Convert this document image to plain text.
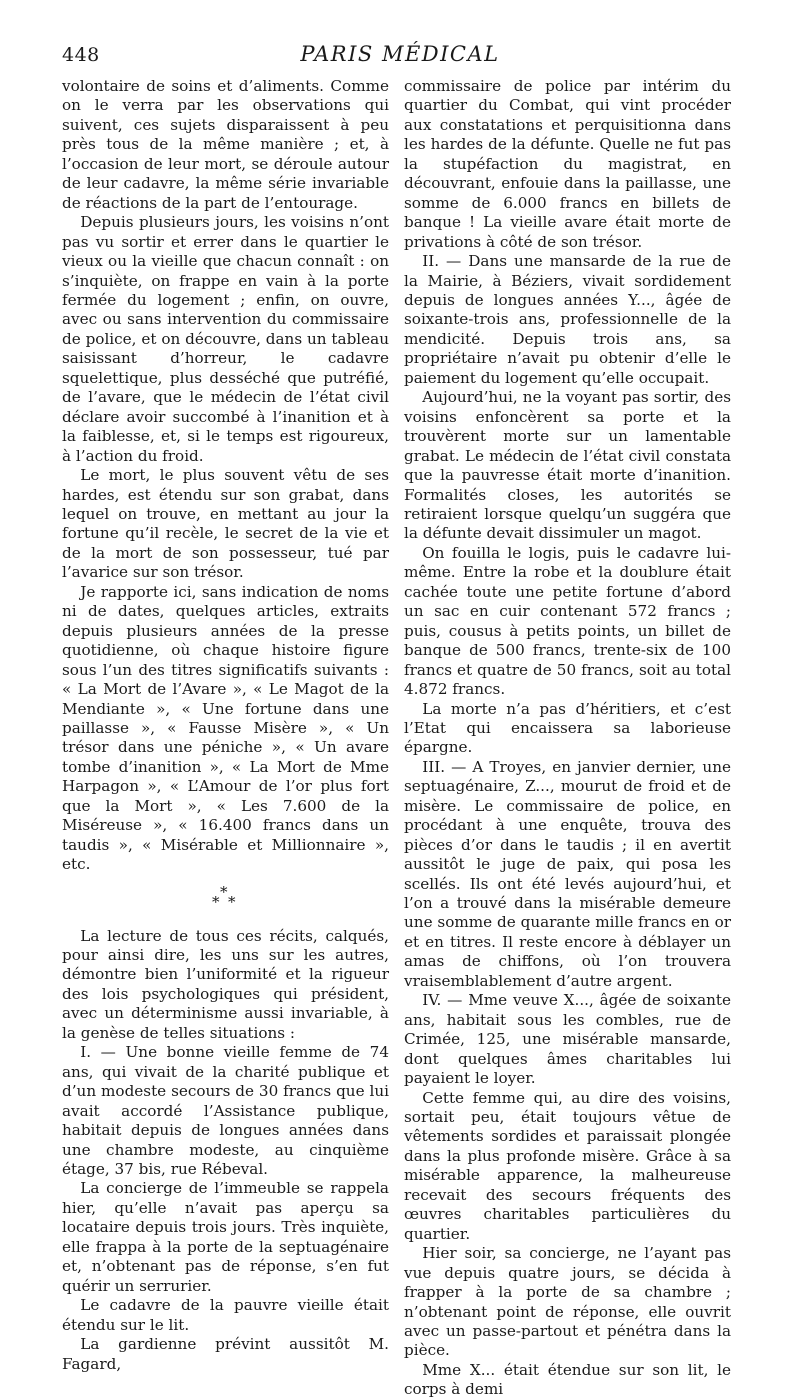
448	PARIS MÉDICAL

volontaire de soins et d’aliments. Comme on le verra par les observations qui suivent, ces sujets disparaissent à peu près tous de la même manière ; et, à l’occasion de leur mort, se déroule autour de leur cadavre, la même série invariable de réactions de la part de l’entourage.

Depuis plusieurs jours, les voisins n’ont pas vu sortir et errer dans le quartier le vieux ou la vieille que chacun connaît : on s’inquiète, on frappe en vain à la porte fermée du logement ; enfin, on ouvre, avec ou sans intervention du commissaire de police, et on découvre, dans un tableau saisissant d’horreur, le cadavre squelettique, plus desséché que putréfié, de l’avare, que le médecin de l’état civil déclare avoir succombé à l’inanition et à la faiblesse, et, si le temps est rigoureux, à l’action du froid.

Le mort, le plus souvent vêtu de ses hardes, est étendu sur son grabat, dans lequel on trouve, en mettant au jour la fortune qu’il recèle, le secret de la vie et de la mort de son possesseur, tué par l’avarice sur son trésor.

Je rapporte ici, sans indication de noms ni de dates, quelques articles, extraits depuis plusieurs années de la presse quotidienne, où chaque histoire figure sous l’un des titres significatifs suivants : « La Mort de l’Avare », « Le Magot de la Mendiante », « Une fortune dans une paillasse », « Fausse Misère », « Un trésor dans une péniche », « Un avare tombe d’inanition », « La Mort de Mme Harpagon », « L’Amour de l’or plus fort que la Mort », « Les 7.600 de la Miséreuse », « 16.400 francs dans un taudis », « Misérable et Millionnaire », etc.

*
* *

La lecture de tous ces récits, calqués, pour ainsi dire, les uns sur les autres, démontre bien l’uniformité et la rigueur des lois psychologiques qui président, avec un déterminisme aussi invariable, à la genèse de telles situations :

I. — Une bonne vieille femme de 74 ans, qui vivait de la charité publique et d’un modeste secours de 30 francs que lui avait accordé l’Assistance publique, habitait depuis de longues années dans une chambre modeste, au cinquième étage, 37 bis, rue Rébeval.

La concierge de l’immeuble se rappela hier, qu’elle n’avait pas aperçu sa locataire depuis trois jours. Très inquiète, elle frappa à la porte de la septuagénaire et, n’obtenant pas de réponse, s’en fut quérir un serrurier.

Le cadavre de la pauvre vieille était étendu sur le lit.

La gardienne prévint aussitôt M. Fagard,

commissaire de police par intérim du quartier du Combat, qui vint procéder aux constatations et perquisitionna dans les hardes de la défunte. Quelle ne fut pas la stupéfaction du magistrat, en découvrant, enfouie dans la paillasse, une somme de 6.000 francs en billets de banque ! La vieille avare était morte de privations à côté de son trésor.

II. — Dans une mansarde de la rue de la Mairie, à Béziers, vivait sordidement depuis de longues années Y..., âgée de soixante-trois ans, professionnelle de la mendicité. Depuis trois ans, sa propriétaire n’avait pu obtenir d’elle le paiement du logement qu’elle occupait.

Aujourd’hui, ne la voyant pas sortir, des voisins enfoncèrent sa porte et la trouvèrent morte sur un lamentable grabat. Le médecin de l’état civil constata que la pauvresse était morte d’inanition. Formalités closes, les autorités se retiraient lorsque quelqu’un suggéra que la défunte devait dissimuler un magot.

On fouilla le logis, puis le cadavre lui-même. Entre la robe et la doublure était cachée toute une petite fortune d’abord un sac en cuir contenant 572 francs ; puis, cousus à petits points, un billet de banque de 500 francs, trente-six de 100 francs et quatre de 50 francs, soit au total 4.872 francs.

La morte n’a pas d’héritiers, et c’est l’Etat qui encaissera sa laborieuse épargne.

III. — A Troyes, en janvier dernier, une septuagénaire, Z..., mourut de froid et de misère. Le commissaire de police, en procédant à une enquête, trouva des pièces d’or dans le taudis ; il en avertit aussitôt le juge de paix, qui posa les scellés. Ils ont été levés aujourd’hui, et l’on a trouvé dans la misérable demeure une somme de quarante mille francs en or et en titres. Il reste encore à déblayer un amas de chiffons, où l’on trouvera vraisemblablement d’autre argent.

IV. — Mme veuve X..., âgée de soixante ans, habitait sous les combles, rue de Crimée, 125, une misérable mansarde, dont quelques âmes charitables lui payaient le loyer.

Cette femme qui, au dire des voisins, sortait peu, était toujours vêtue de vêtements sordides et paraissait plongée dans la plus profonde misère. Grâce à sa misérable apparence, la malheureuse recevait des secours fréquents des œuvres charitables particulières du quartier.

Hier soir, sa concierge, ne l’ayant pas vue depuis quatre jours, se décida à frapper à la porte de sa chambre ; n’obtenant point de réponse, elle ouvrit avec un passe-partout et pénétra dans la pièce.

Mme X... était étendue sur son lit, le corps à demi
